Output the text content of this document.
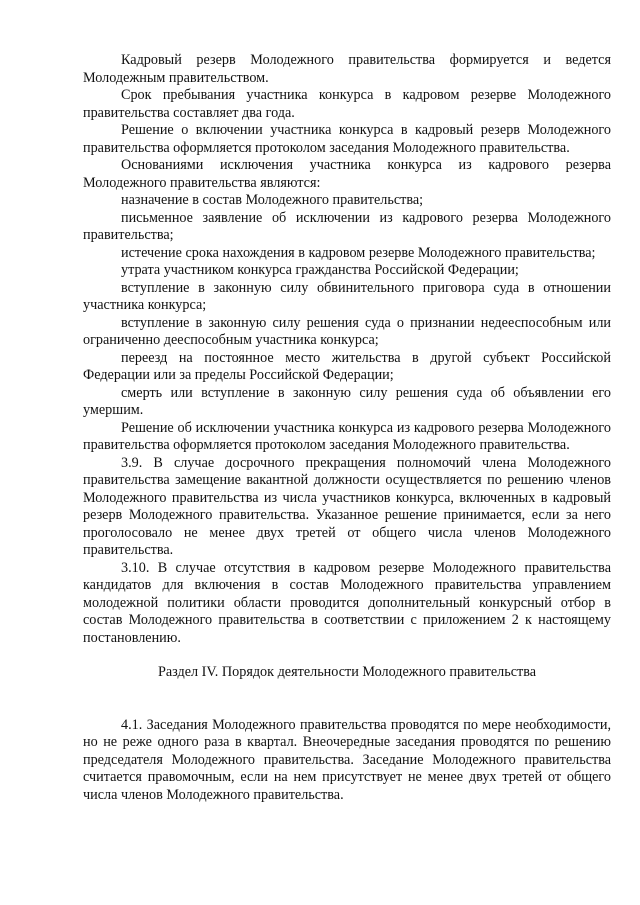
Кадровый резерв Молодежного правительства формируется и ведется Молодежным правительством.

Срок пребывания участника конкурса в кадровом резерве Молодежного правительства составляет два года.

Решение о включении участника конкурса в кадровый резерв Молодежного правительства оформляется протоколом заседания Молодежного правительства.

Основаниями исключения участника конкурса из кадрового резерва Молодежного правительства являются:

назначение в состав Молодежного правительства;

письменное заявление об исключении из кадрового резерва Молодежного правительства;

истечение срока нахождения в кадровом резерве Молодежного правительства;

утрата участником конкурса гражданства Российской Федерации;

вступление в законную силу обвинительного приговора суда в отношении участника конкурса;

вступление в законную силу решения суда о признании недееспособным или ограниченно дееспособным участника конкурса;

переезд на постоянное место жительства в другой субъект Российской Федерации или за пределы Российской Федерации;

смерть или вступление в законную силу решения суда об объявлении его умершим.

Решение об исключении участника конкурса из кадрового резерва Молодежного правительства оформляется протоколом заседания Молодежного правительства.

3.9. В случае досрочного прекращения полномочий члена Молодежного правительства замещение вакантной должности осуществляется по решению членов Молодежного правительства из числа участников конкурса, включенных в кадровый резерв Молодежного правительства. Указанное решение принимается, если за него проголосовало не менее двух третей от общего числа членов Молодежного правительства.

3.10. В случае отсутствия в кадровом резерве Молодежного правительства кандидатов для включения в состав Молодежного правительства управлением молодежной политики области проводится дополнительный конкурсный отбор в состав Молодежного правительства в соответствии с приложением 2 к настоящему постановлению.

Раздел IV. Порядок деятельности Молодежного правительства

4.1. Заседания Молодежного правительства проводятся по мере необходимости, но не реже одного раза в квартал. Внеочередные заседания проводятся по решению председателя Молодежного правительства. Заседание Молодежного правительства считается правомочным, если на нем присутствует не менее двух третей от общего числа членов Молодежного правительства.
